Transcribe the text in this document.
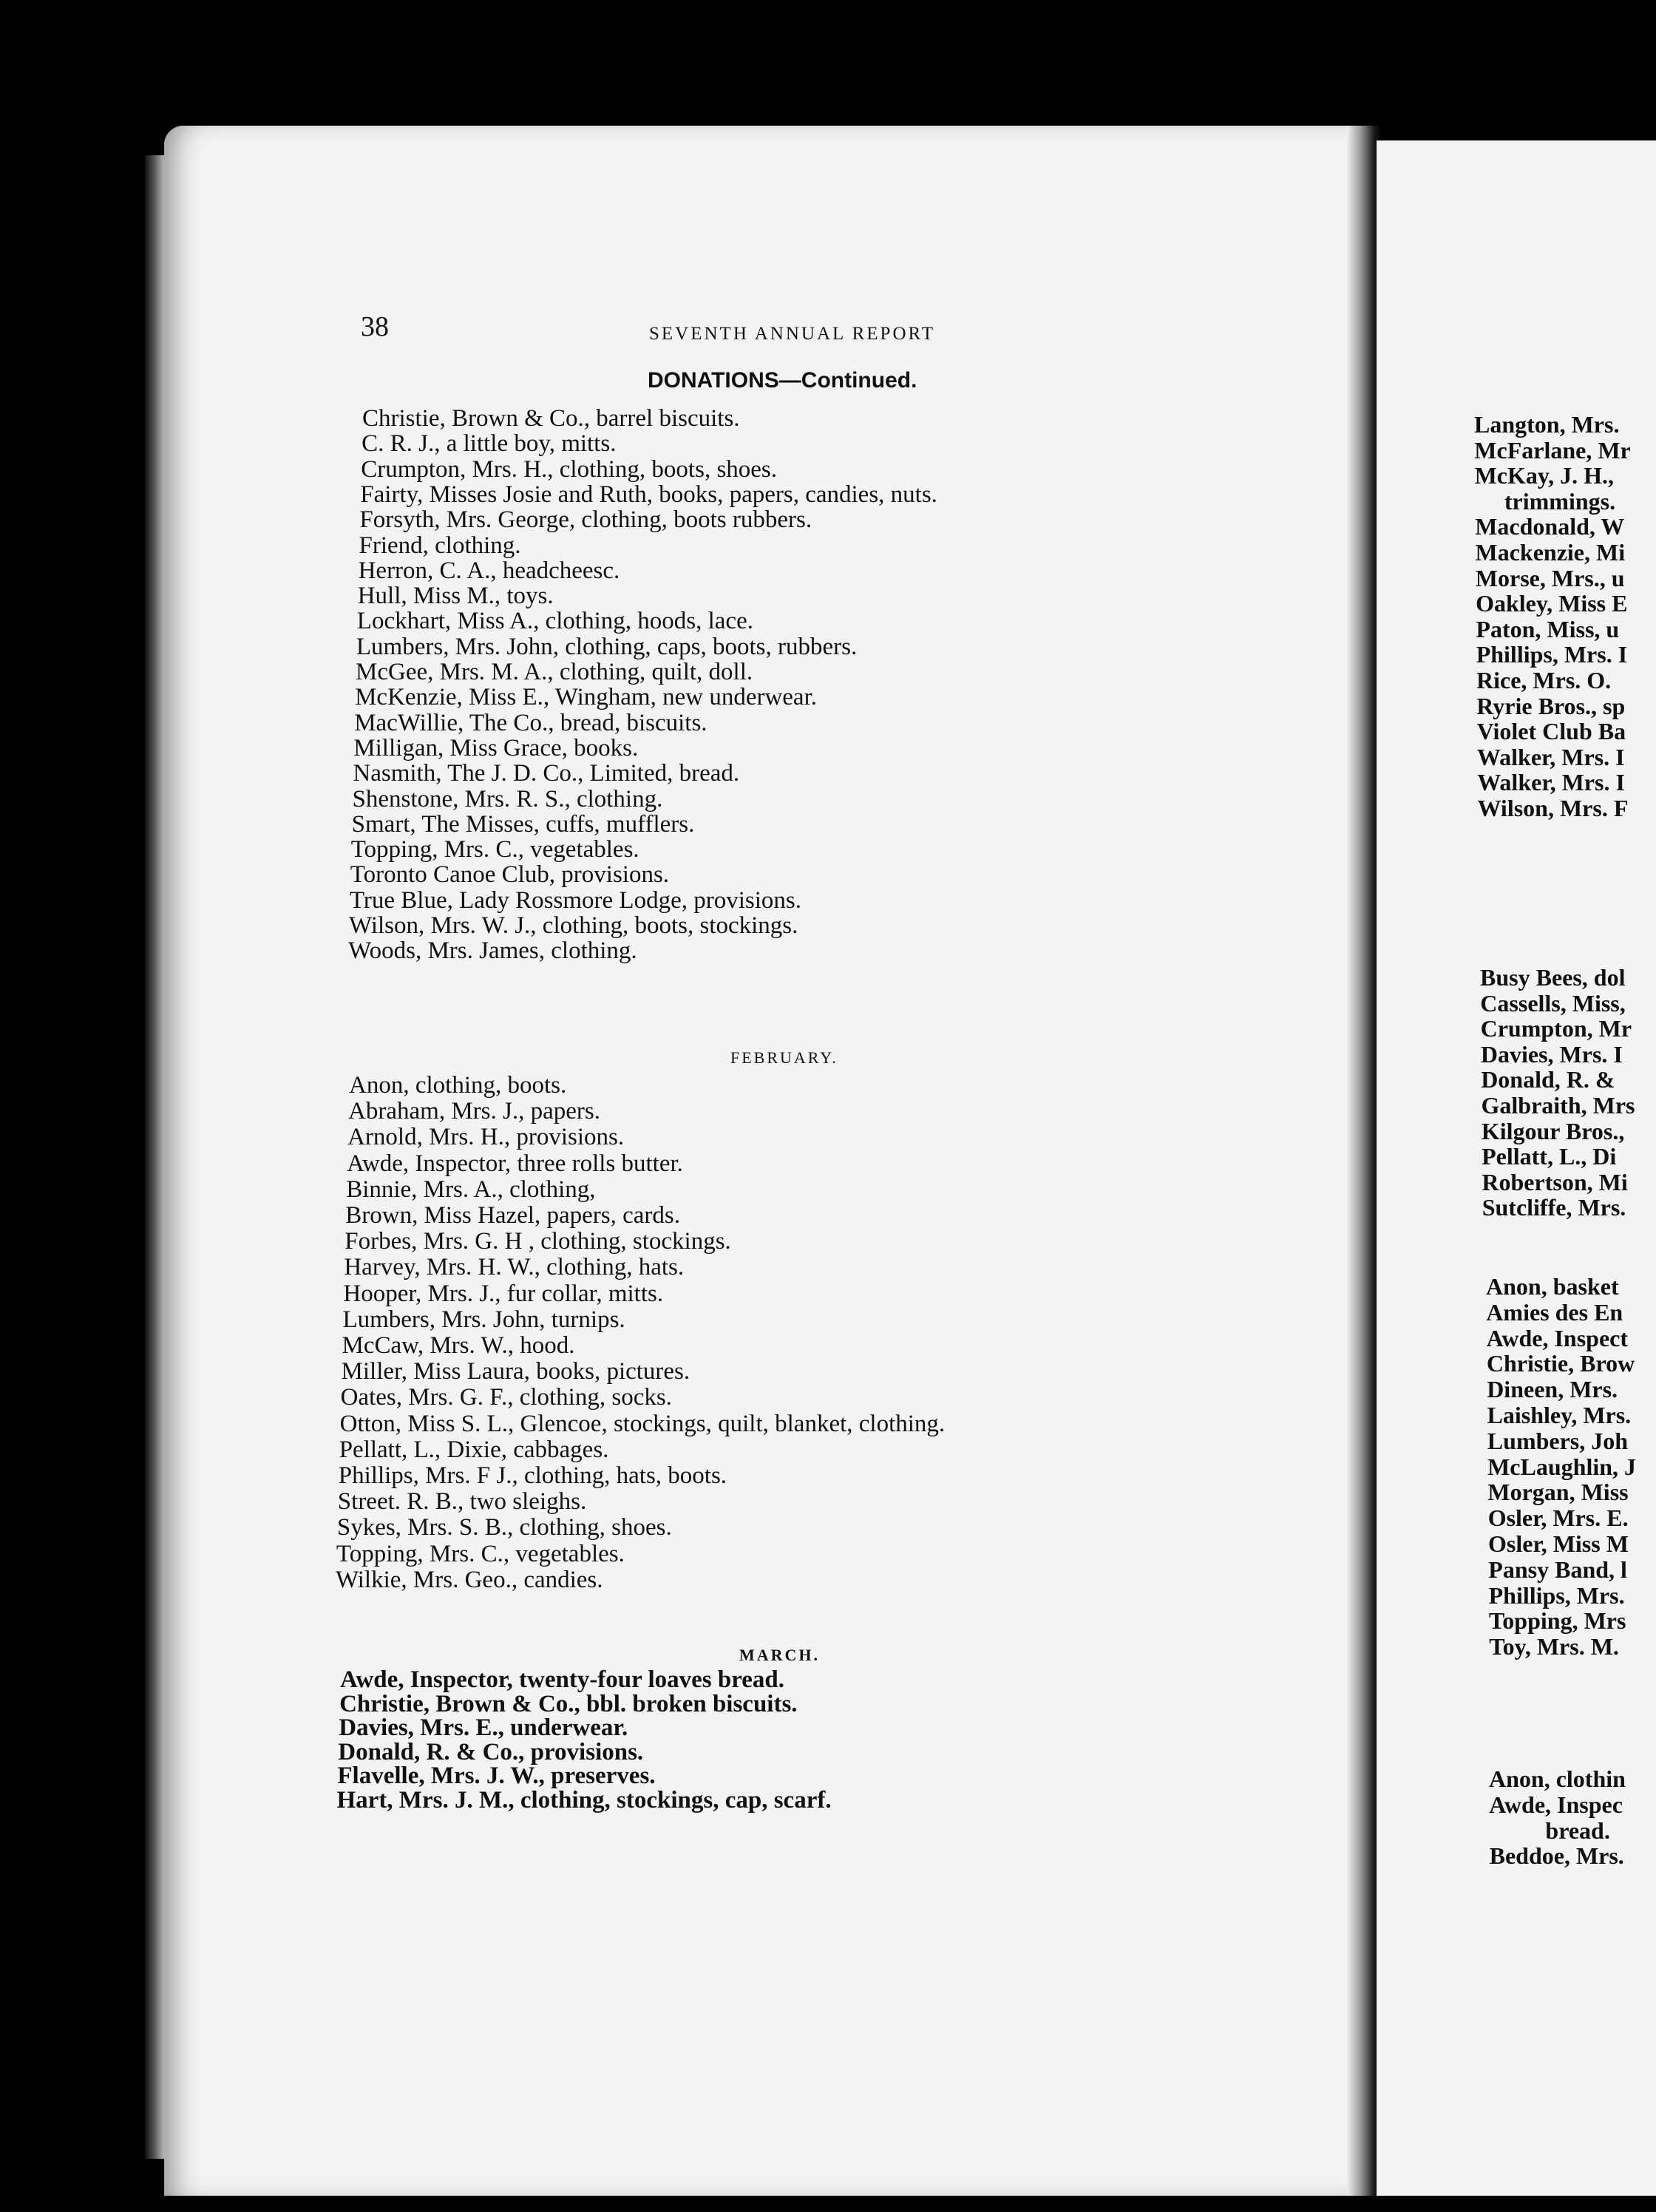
38	SEVENTH ANNUAL REPORT
DONATIONS—Continued.
Christie, Brown & Co., barrel biscuits.
C. R. J., a little boy, mitts.
Crumpton, Mrs. H., clothing, boots, shoes.
Fairty, Misses Josie and Ruth, books, papers, candies, nuts.
Forsyth, Mrs. George, clothing, boots rubbers.
Friend, clothing.
Herron, C. A., headcheesc.
Hull, Miss M., toys.
Lockhart, Miss A., clothing, hoods, lace.
Lumbers, Mrs. John, clothing, caps, boots, rubbers.
McGee, Mrs. M. A., clothing, quilt, doll.
McKenzie, Miss E., Wingham, new underwear.
MacWillie, The Co., bread, biscuits.
Milligan, Miss Grace, books.
Nasmith, The J. D. Co., Limited, bread.
Shenstone, Mrs. R. S., clothing.
Smart, The Misses, cuffs, mufflers.
Topping, Mrs. C., vegetables.
Toronto Canoe Club, provisions.
True Blue, Lady Rossmore Lodge, provisions.
Wilson, Mrs. W. J., clothing, boots, stockings.
Woods, Mrs. James, clothing.
FEBRUARY.
Anon, clothing, boots.
Abraham, Mrs. J., papers.
Arnold, Mrs. H., provisions.
Awde, Inspector, three rolls butter.
Binnie, Mrs. A., clothing,
Brown, Miss Hazel, papers, cards.
Forbes, Mrs. G. H , clothing, stockings.
Harvey, Mrs. H. W., clothing, hats.
Hooper, Mrs. J., fur collar, mitts.
Lumbers, Mrs. John, turnips.
McCaw, Mrs. W., hood.
Miller, Miss Laura, books, pictures.
Oates, Mrs. G. F., clothing, socks.
Otton, Miss S. L., Glencoe, stockings, quilt, blanket, clothing.
Pellatt, L., Dixie, cabbages.
Phillips, Mrs. F J., clothing, hats, boots.
Street. R. B., two sleighs.
Sykes, Mrs. S. B., clothing, shoes.
Topping, Mrs. C., vegetables.
Wilkie, Mrs. Geo., candies.
MARCH.
Awde, Inspector, twenty-four loaves bread.
Christie, Brown & Co., bbl. broken biscuits.
Davies, Mrs. E., underwear.
Donald, R. & Co., provisions.
Flavelle, Mrs. J. W., preserves.
Hart, Mrs. J. M., clothing, stockings, cap, scarf.
Langton, Mrs.
McFarlane, Mr
McKay, J. H.,
trimmings.
Macdonald, W
Mackenzie, Mi
Morse, Mrs., u
Oakley, Miss E
Paton, Miss, u
Phillips, Mrs. I
Rice, Mrs. O.
Ryrie Bros., sp
Violet Club Ba
Walker, Mrs. I
Walker, Mrs. I
Wilson, Mrs. F
Busy Bees, dol
Cassells, Miss,
Crumpton, Mr
Davies, Mrs. I
Donald, R. &
Galbraith, Mrs
Kilgour Bros.,
Pellatt, L., Di
Robertson, Mi
Sutcliffe, Mrs.
Anon, basket
Amies des En
Awde, Inspect
Christie, Brow
Dineen, Mrs.
Laishley, Mrs.
Lumbers, Joh
McLaughlin, J
Morgan, Miss
Osler, Mrs. E.
Osler, Miss M
Pansy Band, l
Phillips, Mrs.
Topping, Mrs
Toy, Mrs. M.
Anon, clothin
Awde, Inspec
bread.
Beddoe, Mrs.
